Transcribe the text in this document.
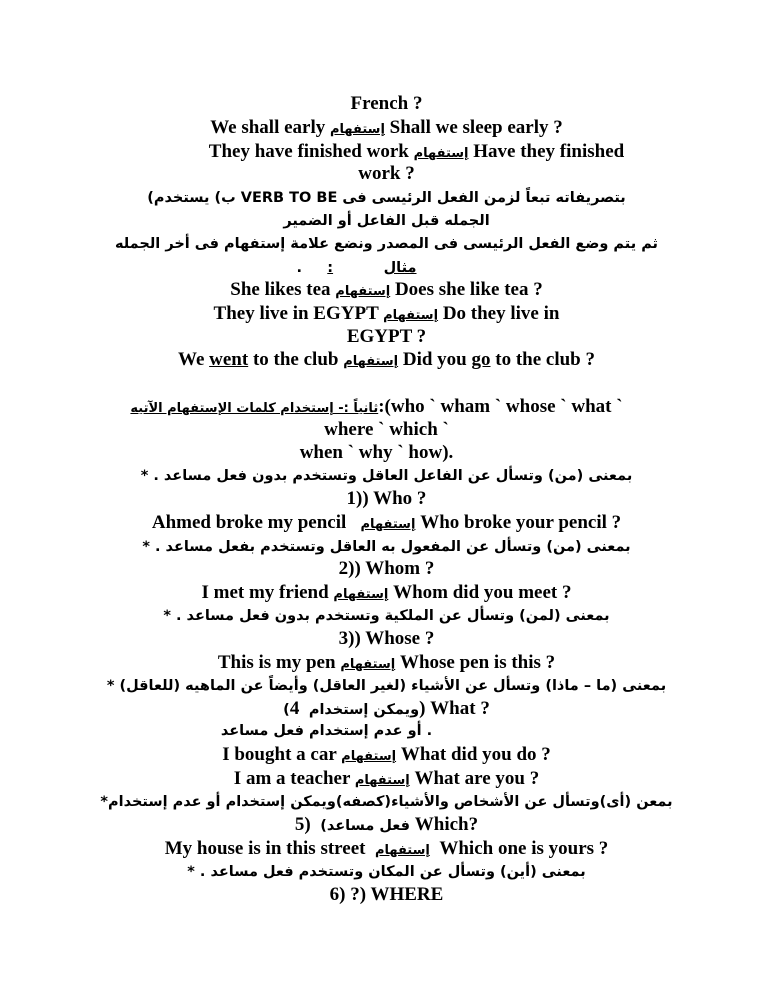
French ?
We shall early إستفهام Shall we sleep early ?
They have finished work إستفهام Have they finished
work ?
بتصريفاته تبعاً لزمن الفعل الرئيسى فى VERB TO BE ب) يستخدم)
الجمله قبل الفاعل أو الضمير
ثم يتم وضع الفعل الرئيسى فى المصدر ونضع علامة إستفهام فى أخر الجمله
. :	مثال
She likes tea إستفهام Does she like tea ?
They live in EGYPT إستفهام Do they live in
EGYPT ?
We went to the club إستفهام Did you go to the club ?
ثانياً :- إستخدام كلمات الإستفهام الآتيه:(who ` wham ` whose ` what `
where ` which `
when ` why ` how).
بمعنى (من) وتسأل عن الفاعل العاقل وتستخدم بدون فعل مساعد . *
1)) Who ?
Ahmed broke my pencil إستفهام Who broke your pencil ?
بمعنى (من) وتسأل عن المفعول به العاقل وتستخدم بفعل مساعد . *
2)) Whom ?
I met my friend إستفهام Whom did you meet ?
بمعنى (لمن) وتسأل عن الملكية وتستخدم بدون فعل مساعد . *
3)) Whose ?
This is my pen إستفهام Whose pen is this ?
بمعنى (ما – ماذا) وتسأل عن الأشياء (لغير العاقل) وأيضاً عن الماهيه (للعاقل) *
(ويمكن إستخدام  4) What ?
. أو عدم إستخدام فعل مساعد
I bought a car إستفهام What did you do ?
I am a teacher إستفهام What are you ?
بمعن (أى)وتسأل عن الأشخاص والأشياء(كصفه)ويمكن إستخدام أو عدم إستخدام*
5) (فعل مساعد Which?
My house is in this street إستفهام Which one is yours ?
بمعنى (أين) وتسأل عن المكان وتستخدم فعل مساعد . *
6) ?) WHERE
